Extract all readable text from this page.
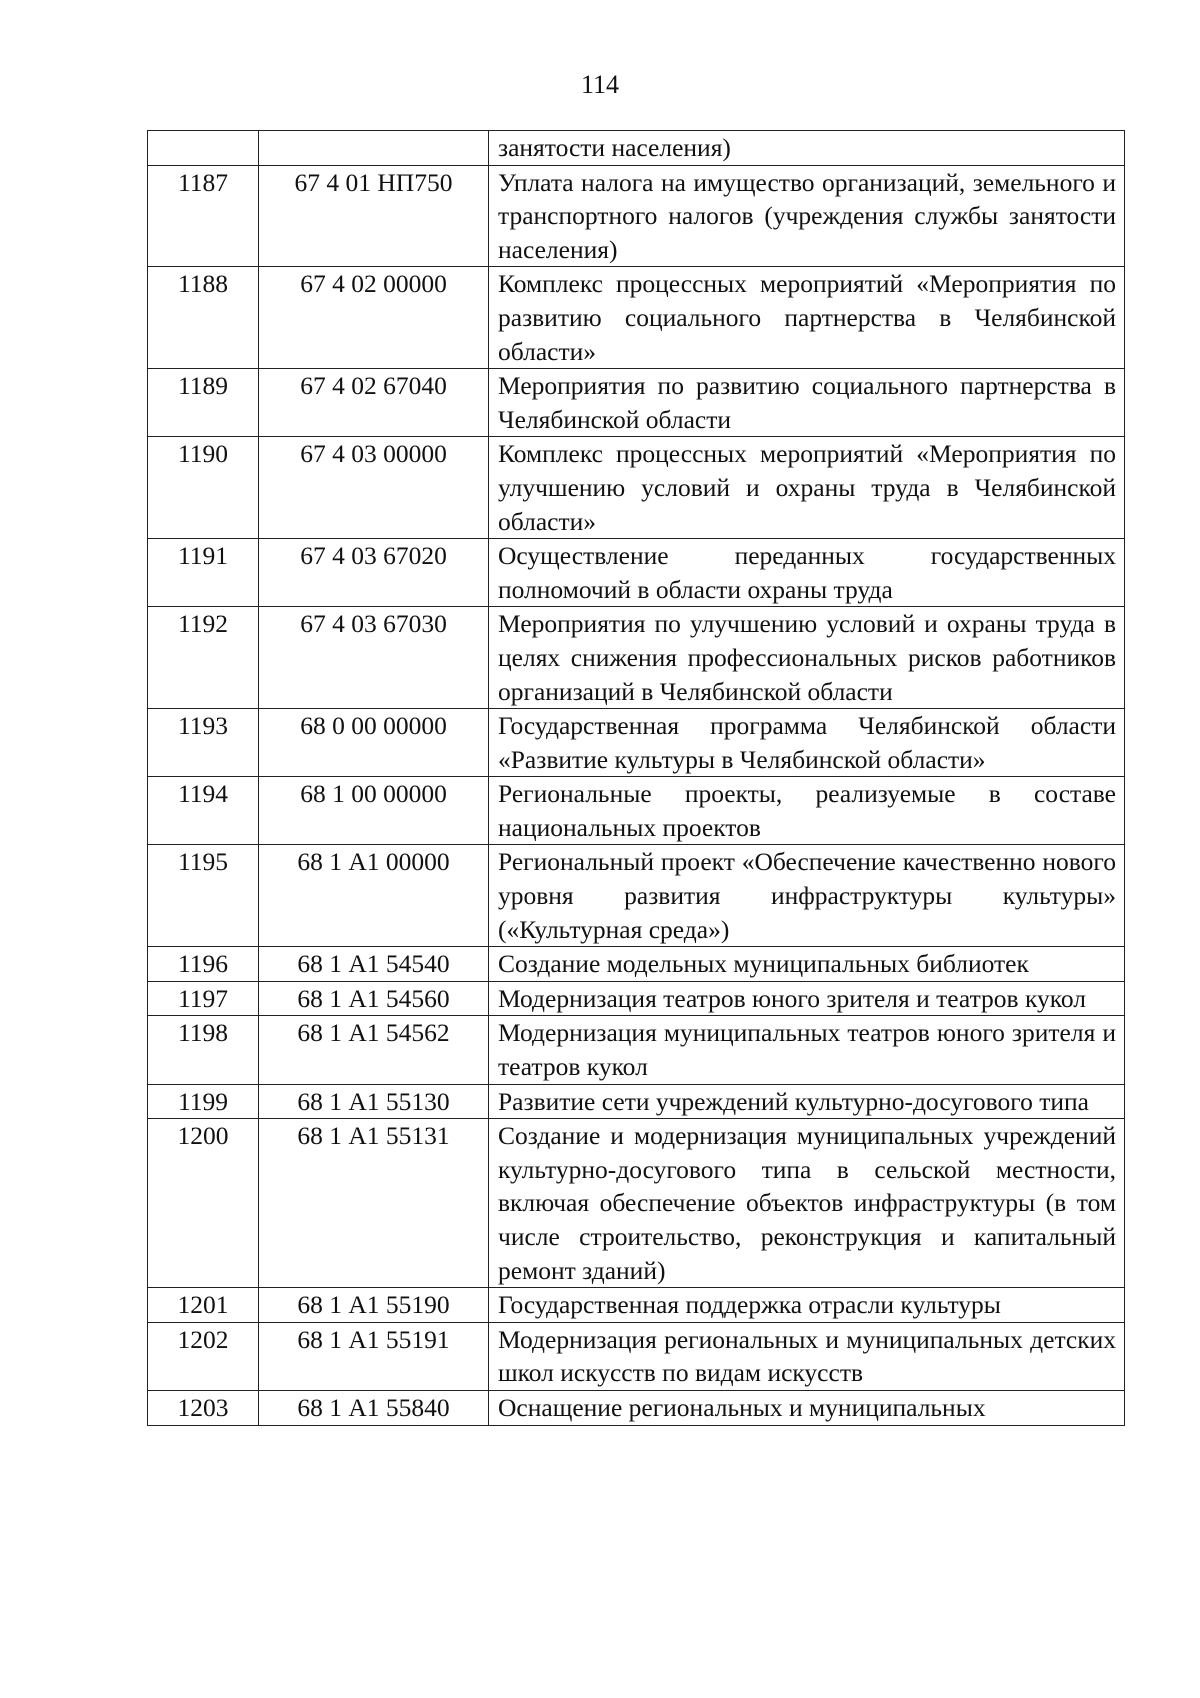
114
		занятости населения)
1187	67 4 01 НП750	Уплата налога на имущество организаций, земельного и транспортного налогов (учреждения службы занятости населения)
1188	67 4 02 00000	Комплекс процессных мероприятий «Мероприятия по развитию социального партнерства в Челябинской области»
1189	67 4 02 67040	Мероприятия по развитию социального партнерства в Челябинской области
1190	67 4 03 00000	Комплекс процессных мероприятий «Мероприятия по улучшению условий и охраны труда в Челябинской области»
1191	67 4 03 67020	Осуществление переданных государственных полномочий в области охраны труда
1192	67 4 03 67030	Мероприятия по улучшению условий и охраны труда в целях снижения профессиональных рисков работников организаций в Челябинской области
1193	68 0 00 00000	Государственная программа Челябинской области «Развитие культуры в Челябинской области»
1194	68 1 00 00000	Региональные проекты, реализуемые в составе национальных проектов
1195	68 1 А1 00000	Региональный проект «Обеспечение качественно нового уровня развития инфраструктуры культуры» («Культурная среда»)
1196	68 1 А1 54540	Создание модельных муниципальных библиотек
1197	68 1 А1 54560	Модернизация театров юного зрителя и театров кукол
1198	68 1 А1 54562	Модернизация муниципальных театров юного зрителя и театров кукол
1199	68 1 А1 55130	Развитие сети учреждений культурно-досугового типа
1200	68 1 А1 55131	Создание и модернизация муниципальных учреждений культурно-досугового типа в сельской местности, включая обеспечение объектов инфраструктуры (в том числе строительство, реконструкция и капитальный ремонт зданий)
1201	68 1 А1 55190	Государственная поддержка отрасли культуры
1202	68 1 А1 55191	Модернизация региональных и муниципальных детских школ искусств по видам искусств
1203	68 1 А1 55840	Оснащение региональных и муниципальных
